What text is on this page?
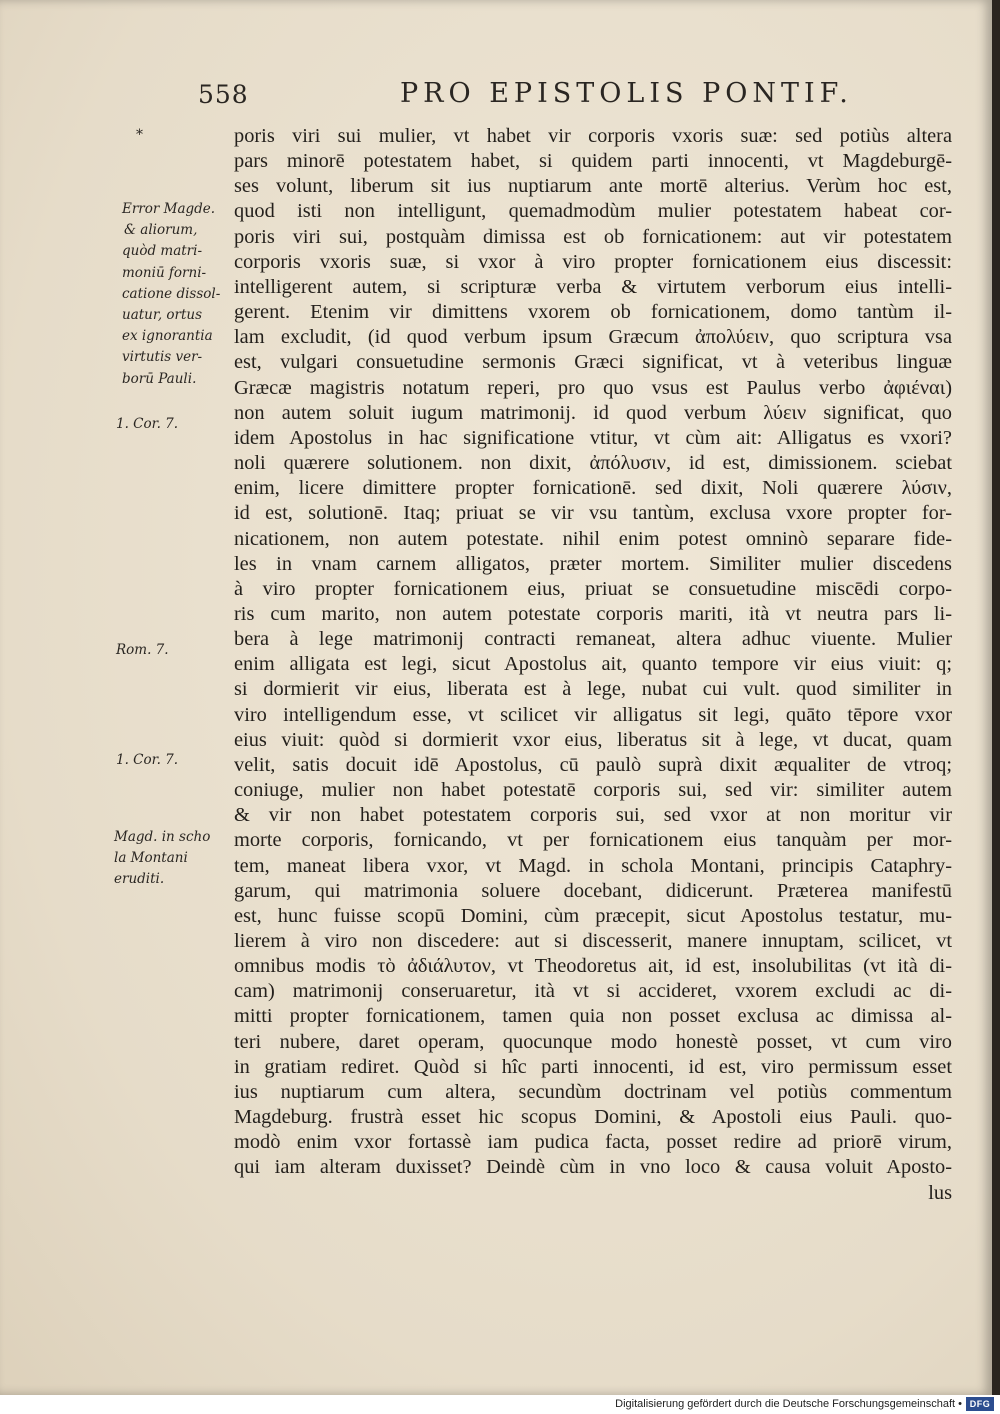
558	PRO EPISTOLIS PONTIF.
*
Error Magde.
& aliorum,
quòd matri-
moniū forni-
catione dissol-
uatur, ortus
ex ignorantia
virtutis ver-
borū Pauli.
1. Cor. 7.
Rom. 7.
1. Cor. 7.
Magd. in scho
la Montani
eruditi.
poris viri sui mulier, vt habet vir corporis vxoris suæ: sed potiùs altera
pars minorē potestatem habet, si quidem parti innocenti, vt Magdeburgē-
ses volunt, liberum sit ius nuptiarum ante mortē alterius. Verùm hoc est,
quod isti non intelligunt, quemadmodùm mulier potestatem habeat cor-
poris viri sui, postquàm dimissa est ob fornicationem: aut vir potestatem
corporis vxoris suæ, si vxor à viro propter fornicationem eius discessit:
intelligerent autem, si scripturæ verba & virtutem verborum eius intelli-
gerent. Etenim vir dimittens vxorem ob fornicationem, domo tantùm il-
lam excludit, (id quod verbum ipsum Græcum ἀπολύειν, quo scriptura vsa
est, vulgari consuetudine sermonis Græci significat, vt à veteribus linguæ
Græcæ magistris notatum reperi, pro quo vsus est Paulus verbo ἀφιέναι)
non autem soluit iugum matrimonij. id quod verbum λύειν significat, quo
idem Apostolus in hac significatione vtitur, vt cùm ait: Alligatus es vxori?
noli quærere solutionem. non dixit, ἀπόλυσιν, id est, dimissionem. sciebat
enim, licere dimittere propter fornicationē. sed dixit, Noli quærere λύσιν,
id est, solutionē. Itaq; priuat se vir vsu tantùm, exclusa vxore propter for-
nicationem, non autem potestate. nihil enim potest omninò separare fide-
les in vnam carnem alligatos, præter mortem. Similiter mulier discedens
à viro propter fornicationem eius, priuat se consuetudine miscēdi corpo-
ris cum marito, non autem potestate corporis mariti, ità vt neutra pars li-
bera à lege matrimonij contracti remaneat, altera adhuc viuente. Mulier
enim alligata est legi, sicut Apostolus ait, quanto tempore vir eius viuit: q;
si dormierit vir eius, liberata est à lege, nubat cui vult. quod similiter in
viro intelligendum esse, vt scilicet vir alligatus sit legi, quāto tēpore vxor
eius viuit: quòd si dormierit vxor eius, liberatus sit à lege, vt ducat, quam
velit, satis docuit idē Apostolus, cū paulò suprà dixit æqualiter de vtroq;
coniuge, mulier non habet potestatē corporis sui, sed vir: similiter autem
& vir non habet potestatem corporis sui, sed vxor at non moritur vir
morte corporis, fornicando, vt per fornicationem eius tanquàm per mor-
tem, maneat libera vxor, vt Magd. in schola Montani, principis Cataphry-
garum, qui matrimonia soluere docebant, didicerunt. Præterea manifestū
est, hunc fuisse scopū Domini, cùm præcepit, sicut Apostolus testatur, mu-
lierem à viro non discedere: aut si discesserit, manere innuptam, scilicet, vt
omnibus modis τὸ ἀδιάλυτον, vt Theodoretus ait, id est, insolubilitas (vt ità di-
cam) matrimonij conseruaretur, ità vt si accideret, vxorem excludi ac di-
mitti propter fornicationem, tamen quia non posset exclusa ac dimissa al-
teri nubere, daret operam, quocunque modo honestè posset, vt cum viro
in gratiam rediret. Quòd si hîc parti innocenti, id est, viro permissum esset
ius nuptiarum cum altera, secundùm doctrinam vel potiùs commentum
Magdeburg. frustrà esset hic scopus Domini, & Apostoli eius Pauli. quo-
modò enim vxor fortassè iam pudica facta, posset redire ad priorē virum,
qui iam alteram duxisset? Deindè cùm in vno loco & causa voluit Aposto-
lus
Digitalisierung gefördert durch die Deutsche Forschungsgemeinschaft • DFG
